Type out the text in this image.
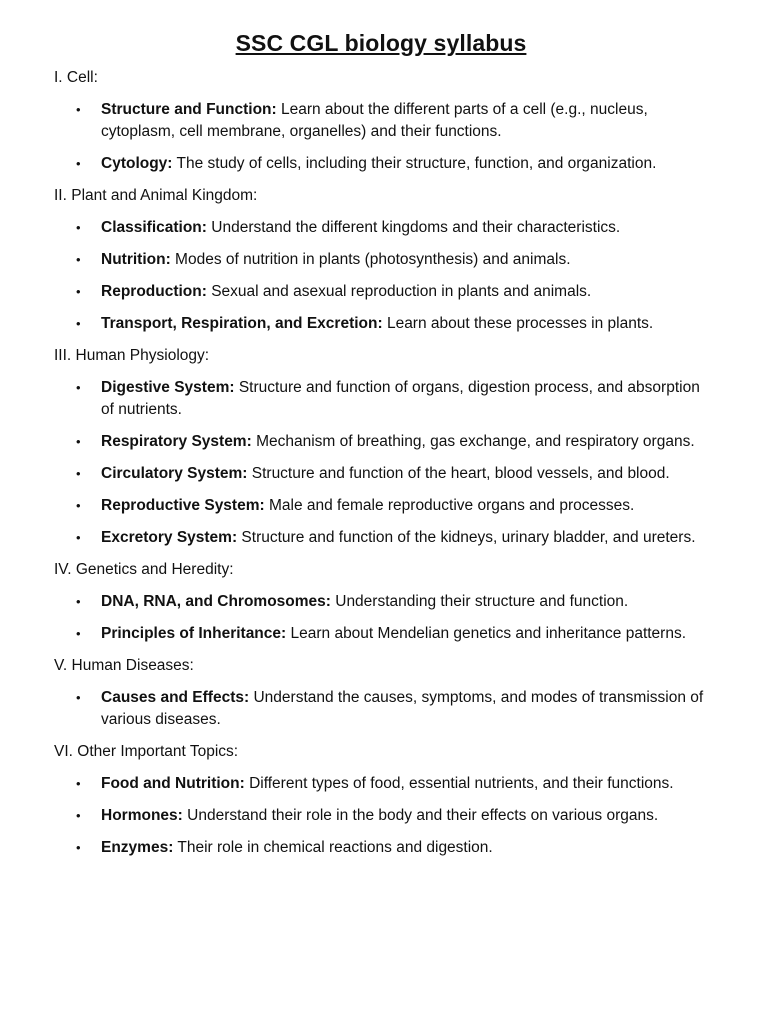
SSC CGL biology syllabus
I. Cell:
• Structure and Function: Learn about the different parts of a cell (e.g., nucleus, cytoplasm, cell membrane, organelles) and their functions.
• Cytology: The study of cells, including their structure, function, and organization.
II. Plant and Animal Kingdom:
• Classification: Understand the different kingdoms and their characteristics.
• Nutrition: Modes of nutrition in plants (photosynthesis) and animals.
• Reproduction: Sexual and asexual reproduction in plants and animals.
• Transport, Respiration, and Excretion: Learn about these processes in plants.
III. Human Physiology:
• Digestive System: Structure and function of organs, digestion process, and absorption of nutrients.
• Respiratory System: Mechanism of breathing, gas exchange, and respiratory organs.
• Circulatory System: Structure and function of the heart, blood vessels, and blood.
• Reproductive System: Male and female reproductive organs and processes.
• Excretory System: Structure and function of the kidneys, urinary bladder, and ureters.
IV. Genetics and Heredity:
• DNA, RNA, and Chromosomes: Understanding their structure and function.
• Principles of Inheritance: Learn about Mendelian genetics and inheritance patterns.
V. Human Diseases:
• Causes and Effects: Understand the causes, symptoms, and modes of transmission of various diseases.
VI. Other Important Topics:
• Food and Nutrition: Different types of food, essential nutrients, and their functions.
• Hormones: Understand their role in the body and their effects on various organs.
• Enzymes: Their role in chemical reactions and digestion.
